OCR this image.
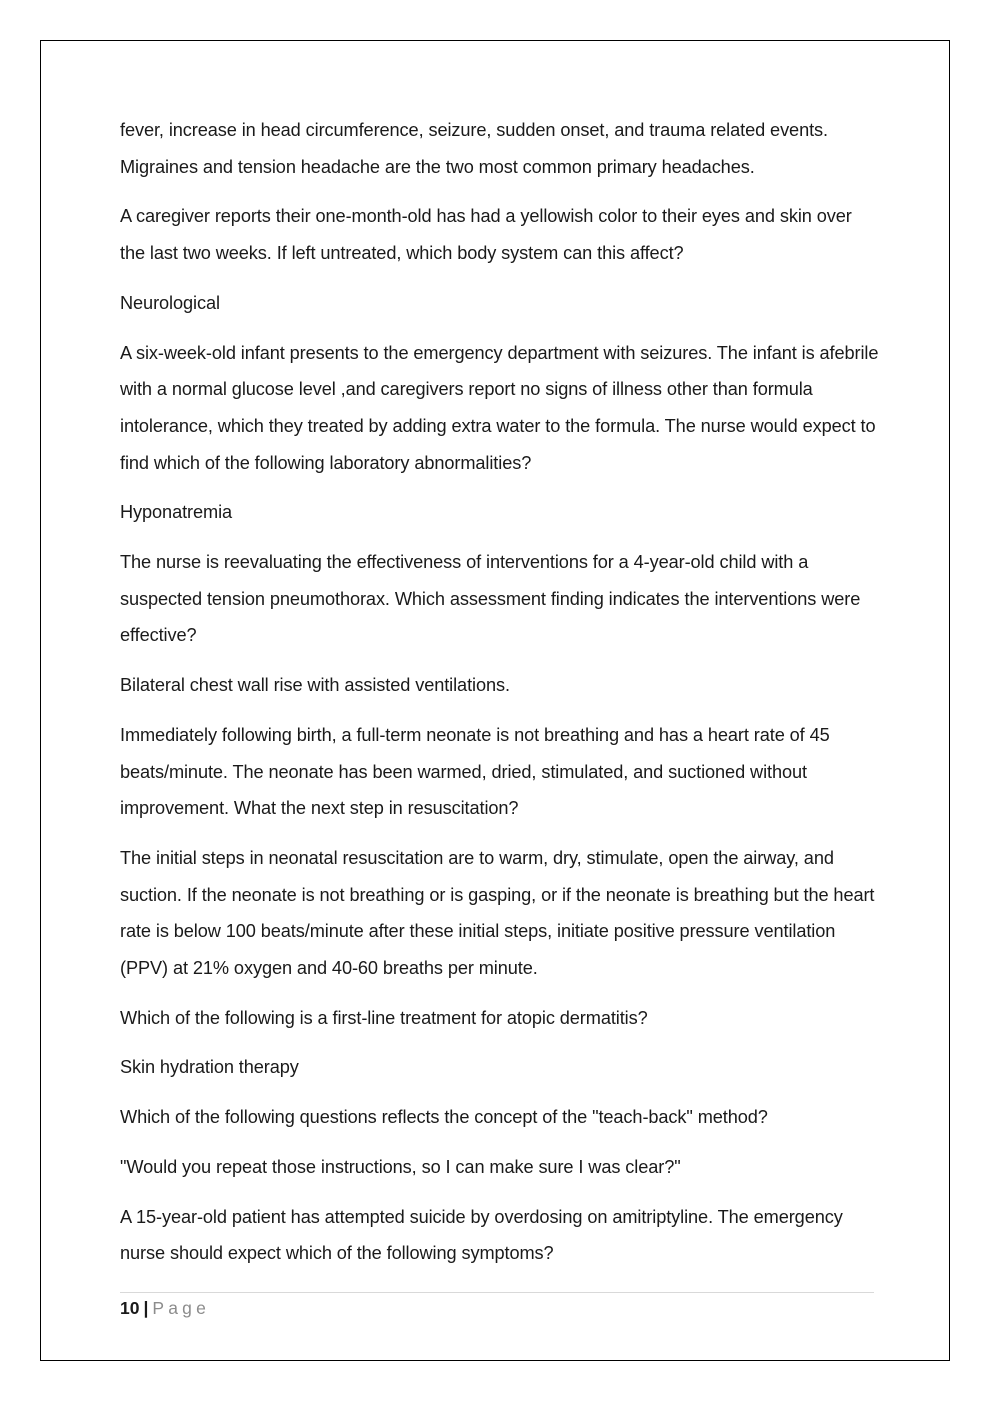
fever, increase in head circumference, seizure, sudden onset, and trauma related events. Migraines and tension headache are the two most common primary headaches.

A caregiver reports their one-month-old has had a yellowish color to their eyes and skin over the last two weeks. If left untreated, which body system can this affect?

Neurological

A six-week-old infant presents to the emergency department with seizures. The infant is afebrile with a normal glucose level ,and caregivers report no signs of illness other than formula intolerance, which they treated by adding extra water to the formula. The nurse would expect to find which of the following laboratory abnormalities?

Hyponatremia

The nurse is reevaluating the effectiveness of interventions for a 4-year-old child with a suspected tension pneumothorax. Which assessment finding indicates the interventions were effective?

Bilateral chest wall rise with assisted ventilations.

Immediately following birth, a full-term neonate is not breathing and has a heart rate of 45 beats/minute. The neonate has been warmed, dried, stimulated, and suctioned without improvement. What the next step in resuscitation?

The initial steps in neonatal resuscitation are to warm, dry, stimulate, open the airway, and suction. If the neonate is not breathing or is gasping, or if the neonate is breathing but the heart rate is below 100 beats/minute after these initial steps, initiate positive pressure ventilation (PPV) at 21% oxygen and 40-60 breaths per minute.

Which of the following is a first-line treatment for atopic dermatitis?

Skin hydration therapy

Which of the following questions reflects the concept of the "teach-back" method?

"Would you repeat those instructions, so I can make sure I was clear?"

A 15-year-old patient has attempted suicide by overdosing on amitriptyline. The emergency nurse should expect which of the following symptoms?

10 | Page
